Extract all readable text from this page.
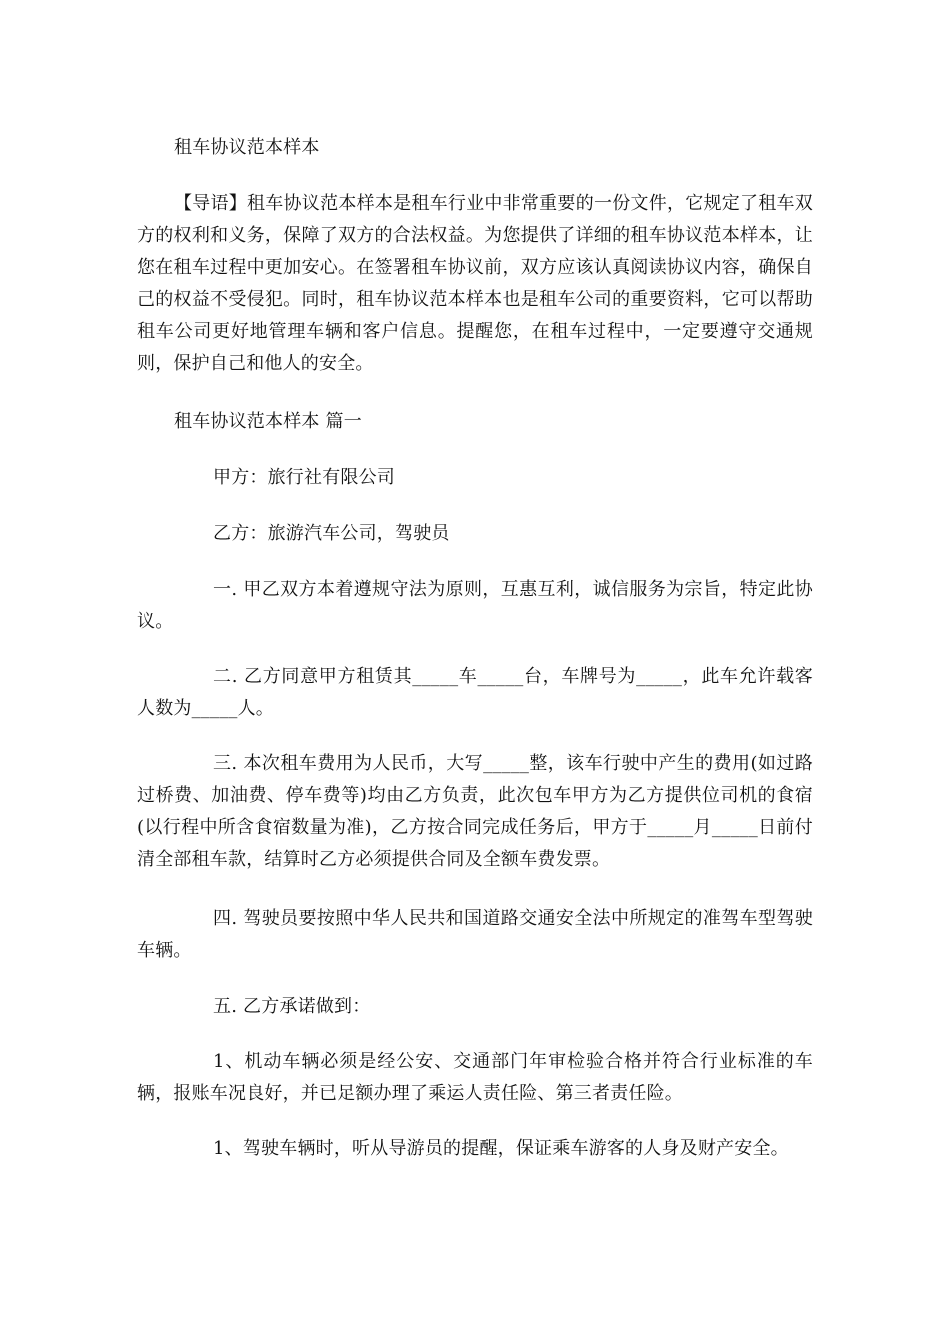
租车协议范本样本

【导语】租车协议范本样本是租车行业中非常重要的一份文件，它规定了租车双方的权利和义务，保障了双方的合法权益。为您提供了详细的租车协议范本样本，让您在租车过程中更加安心。在签署租车协议前，双方应该认真阅读协议内容，确保自己的权益不受侵犯。同时，租车协议范本样本也是租车公司的重要资料，它可以帮助租车公司更好地管理车辆和客户信息。提醒您，在租车过程中，一定要遵守交通规则，保护自己和他人的安全。

租车协议范本样本 篇一

甲方：旅行社有限公司

乙方：旅游汽车公司，驾驶员

一. 甲乙双方本着遵规守法为原则，互惠互利，诚信服务为宗旨，特定此协议。

二. 乙方同意甲方租赁其_____车_____台，车牌号为_____，此车允许载客人数为_____人。

三. 本次租车费用为人民币，大写_____整，该车行驶中产生的费用(如过路过桥费、加油费、停车费等)均由乙方负责，此次包车甲方为乙方提供位司机的食宿(以行程中所含食宿数量为准)，乙方按合同完成任务后，甲方于_____月_____日前付清全部租车款，结算时乙方必须提供合同及全额车费发票。

四. 驾驶员要按照中华人民共和国道路交通安全法中所规定的准驾车型驾驶车辆。

五. 乙方承诺做到：

1、机动车辆必须是经公安、交通部门年审检验合格并符合行业标准的车辆，报账车况良好，并已足额办理了乘运人责任险、第三者责任险。

1、驾驶车辆时，听从导游员的提醒，保证乘车游客的人身及财产安全。
